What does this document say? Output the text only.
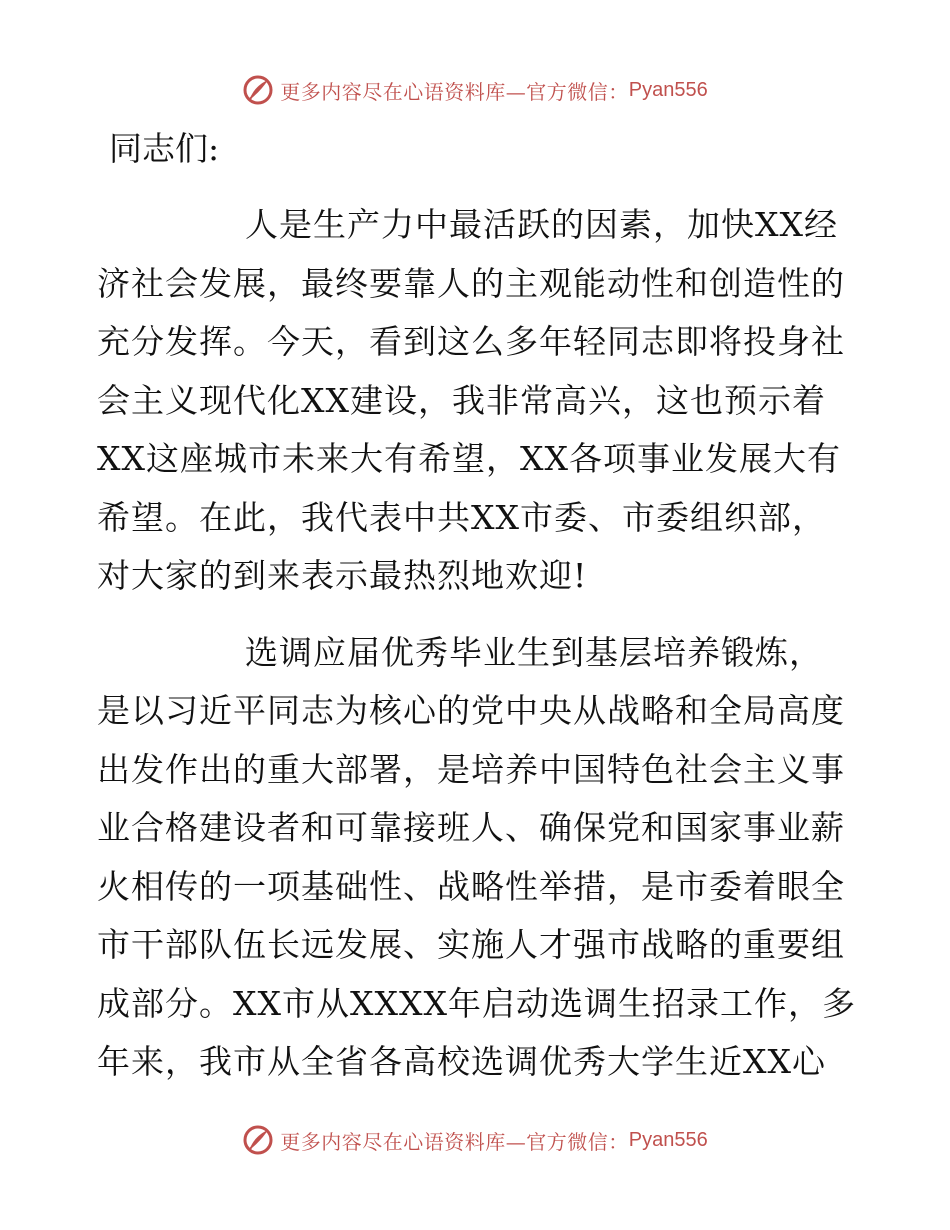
更多内容尽在心语资料库—官方微信： Pyan556
同志们:

人是生产力中最活跃的因素，加快XX经
济社会发展，最终要靠人的主观能动性和创造性的
充分发挥。今天，看到这么多年轻同志即将投身社
会主义现代化XX建设，我非常高兴，这也预示着
XX这座城市未来大有希望，XX各项事业发展大有
希望。在此，我代表中共XX市委、市委组织部，
对大家的到来表示最热烈地欢迎!

选调应届优秀毕业生到基层培养锻炼，
是以习近平同志为核心的党中央从战略和全局高度
出发作出的重大部署，是培养中国特色社会主义事
业合格建设者和可靠接班人、确保党和国家事业薪
火相传的一项基础性、战略性举措，是市委着眼全
市干部队伍长远发展、实施人才强市战略的重要组
成部分。XX市从XXXX年启动选调生招录工作，多
年来，我市从全省各高校选调优秀大学生近XX心

更多内容尽在心语资料库—官方微信： Pyan556
